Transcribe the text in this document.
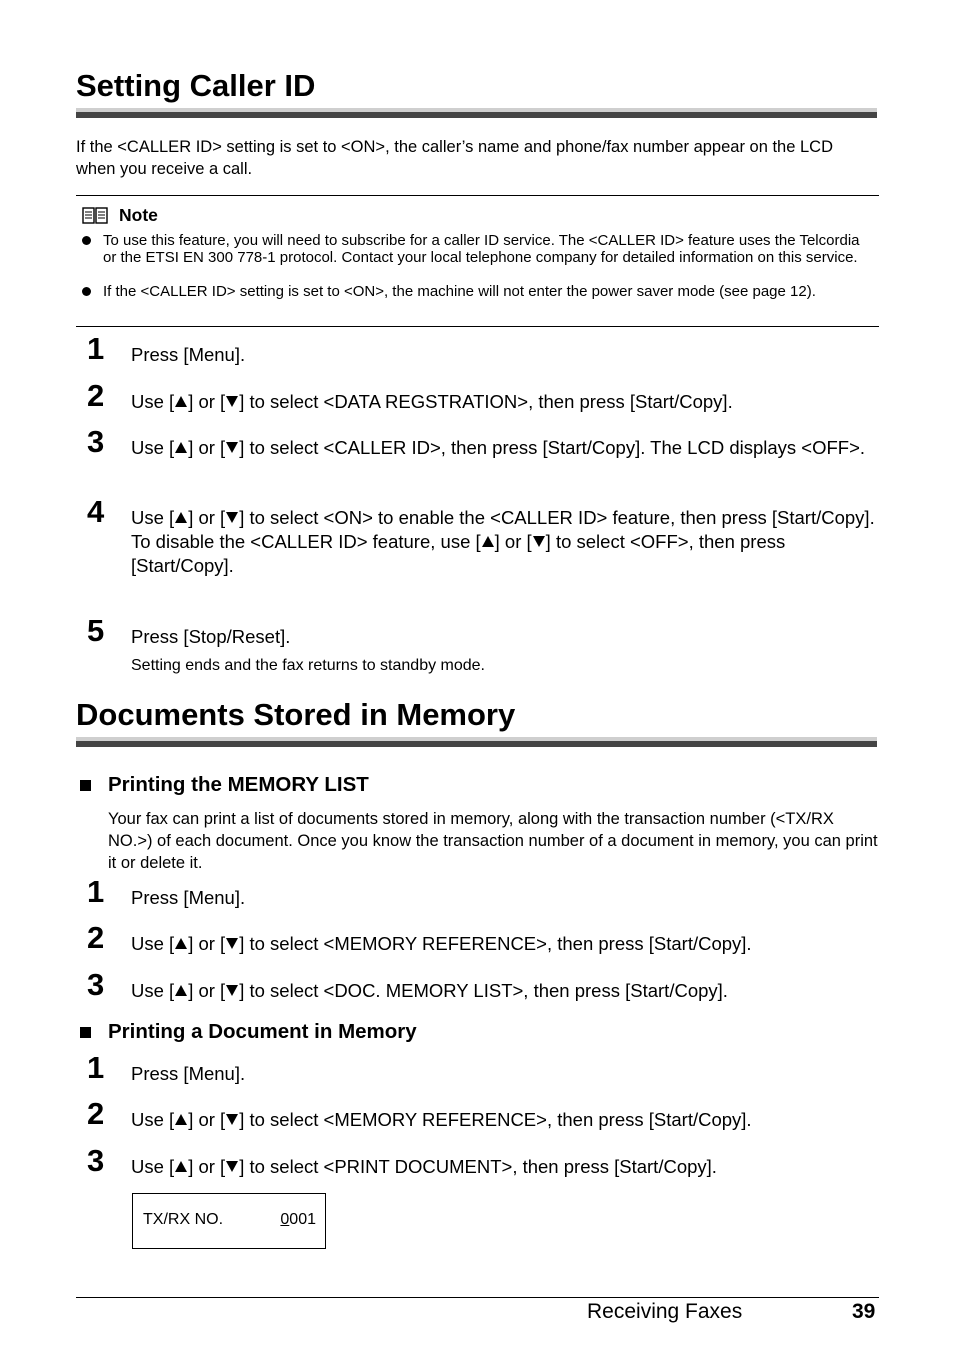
Setting Caller ID

If the <CALLER ID> setting is set to <ON>, the caller’s name and phone/fax number appear on the LCD when you receive a call.

Note
To use this feature, you will need to subscribe for a caller ID service. The <CALLER ID> feature uses the Telcordia or the ETSI EN 300 778-1 protocol. Contact your local telephone company for detailed information on this service.
If the <CALLER ID> setting is set to <ON>, the machine will not enter the power saver mode (see page 12).
1 Press [Menu].
2 Use [ ] or [ ] to select <DATA REGSTRATION>, then press [Start/Copy].
3 Use [ ] or [ ] to select <CALLER ID>, then press [Start/Copy]. The LCD displays <OFF>.
4 Use [ ] or [ ] to select <ON> to enable the <CALLER ID> feature, then press [Start/Copy].
To disable the <CALLER ID> feature, use [ ] or [ ] to select <OFF>, then press [Start/Copy].
5 Press [Stop/Reset].
Setting ends and the fax returns to standby mode.
Documents Stored in Memory
Printing the MEMORY LIST

Your fax can print a list of documents stored in memory, along with the transaction number (<TX/RX NO.>) of each document. Once you know the transaction number of a document in memory, you can print it or delete it.

1 Press [Menu].
2 Use [ ] or [ ] to select <MEMORY REFERENCE>, then press [Start/Copy].
3 Use [ ] or [ ] to select <DOC. MEMORY LIST>, then press [Start/Copy].
Printing a Document in Memory
1 Press [Menu].
2 Use [ ] or [ ] to select <MEMORY REFERENCE>, then press [Start/Copy].
3 Use [ ] or [ ] to select <PRINT DOCUMENT>, then press [Start/Copy].
TX/RX NO.	0001
Receiving Faxes	39
